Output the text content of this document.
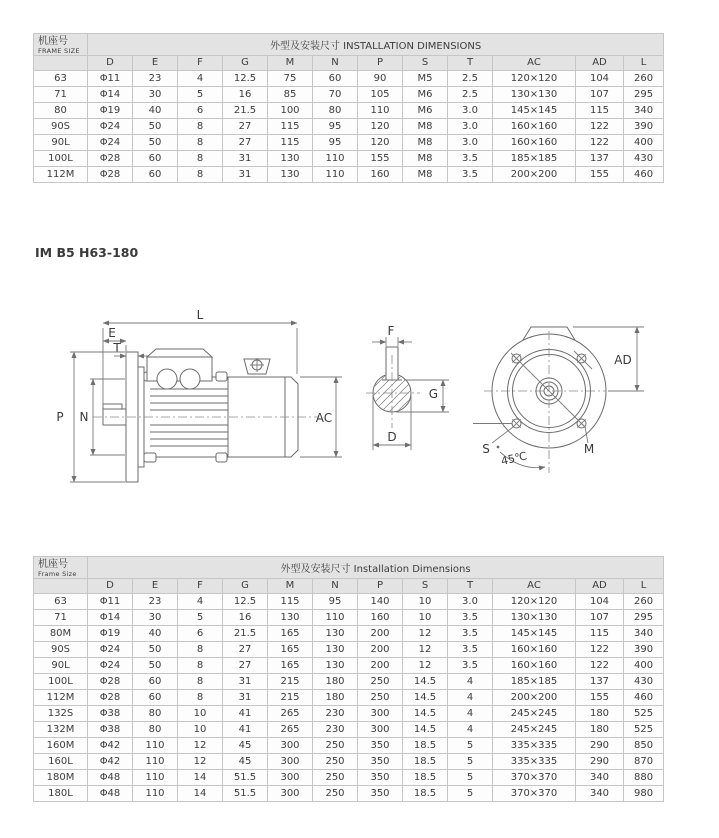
机座号
FRAME SIZE	外型及安装尺寸 INSTALLATION DIMENSIONS											
	D	E	F	G	M	N	P	S	T	AC	AD	L
63	Φ11	23	4	12.5	75	60	90	M5	2.5	120×120	104	260
71	Φ14	30	5	16	85	70	105	M6	2.5	130×130	107	295
80	Φ19	40	6	21.5	100	80	110	M6	3.0	145×145	115	340
90S	Φ24	50	8	27	115	95	120	M8	3.0	160×160	122	390
90L	Φ24	50	8	27	115	95	120	M8	3.0	160×160	122	400
100L	Φ28	60	8	31	130	110	155	M8	3.5	185×185	137	430
112M	Φ28	60	8	31	130	110	160	M8	3.5	200×200	155	460
IM B5 H63-180
L
E
T
P N	AC
F
G
D
M
S
45℃
AD
机座号
Frame Size	外型及安装尺寸 Installation Dimensions											
	D	E	F	G	M	N	P	S	T	AC	AD	L
63	Φ11	23	4	12.5	115	95	140	10	3.0	120×120	104	260
71	Φ14	30	5	16	130	110	160	10	3.5	130×130	107	295
80M	Φ19	40	6	21.5	165	130	200	12	3.5	145×145	115	340
90S	Φ24	50	8	27	165	130	200	12	3.5	160×160	122	390
90L	Φ24	50	8	27	165	130	200	12	3.5	160×160	122	400
100L	Φ28	60	8	31	215	180	250	14.5	4	185×185	137	430
112M	Φ28	60	8	31	215	180	250	14.5	4	200×200	155	460
132S	Φ38	80	10	41	265	230	300	14.5	4	245×245	180	525
132M	Φ38	80	10	41	265	230	300	14.5	4	245×245	180	525
160M	Φ42	110	12	45	300	250	350	18.5	5	335×335	290	850
160L	Φ42	110	12	45	300	250	350	18.5	5	335×335	290	870
180M	Φ48	110	14	51.5	300	250	350	18.5	5	370×370	340	880
180L	Φ48	110	14	51.5	300	250	350	18.5	5	370×370	340	980
